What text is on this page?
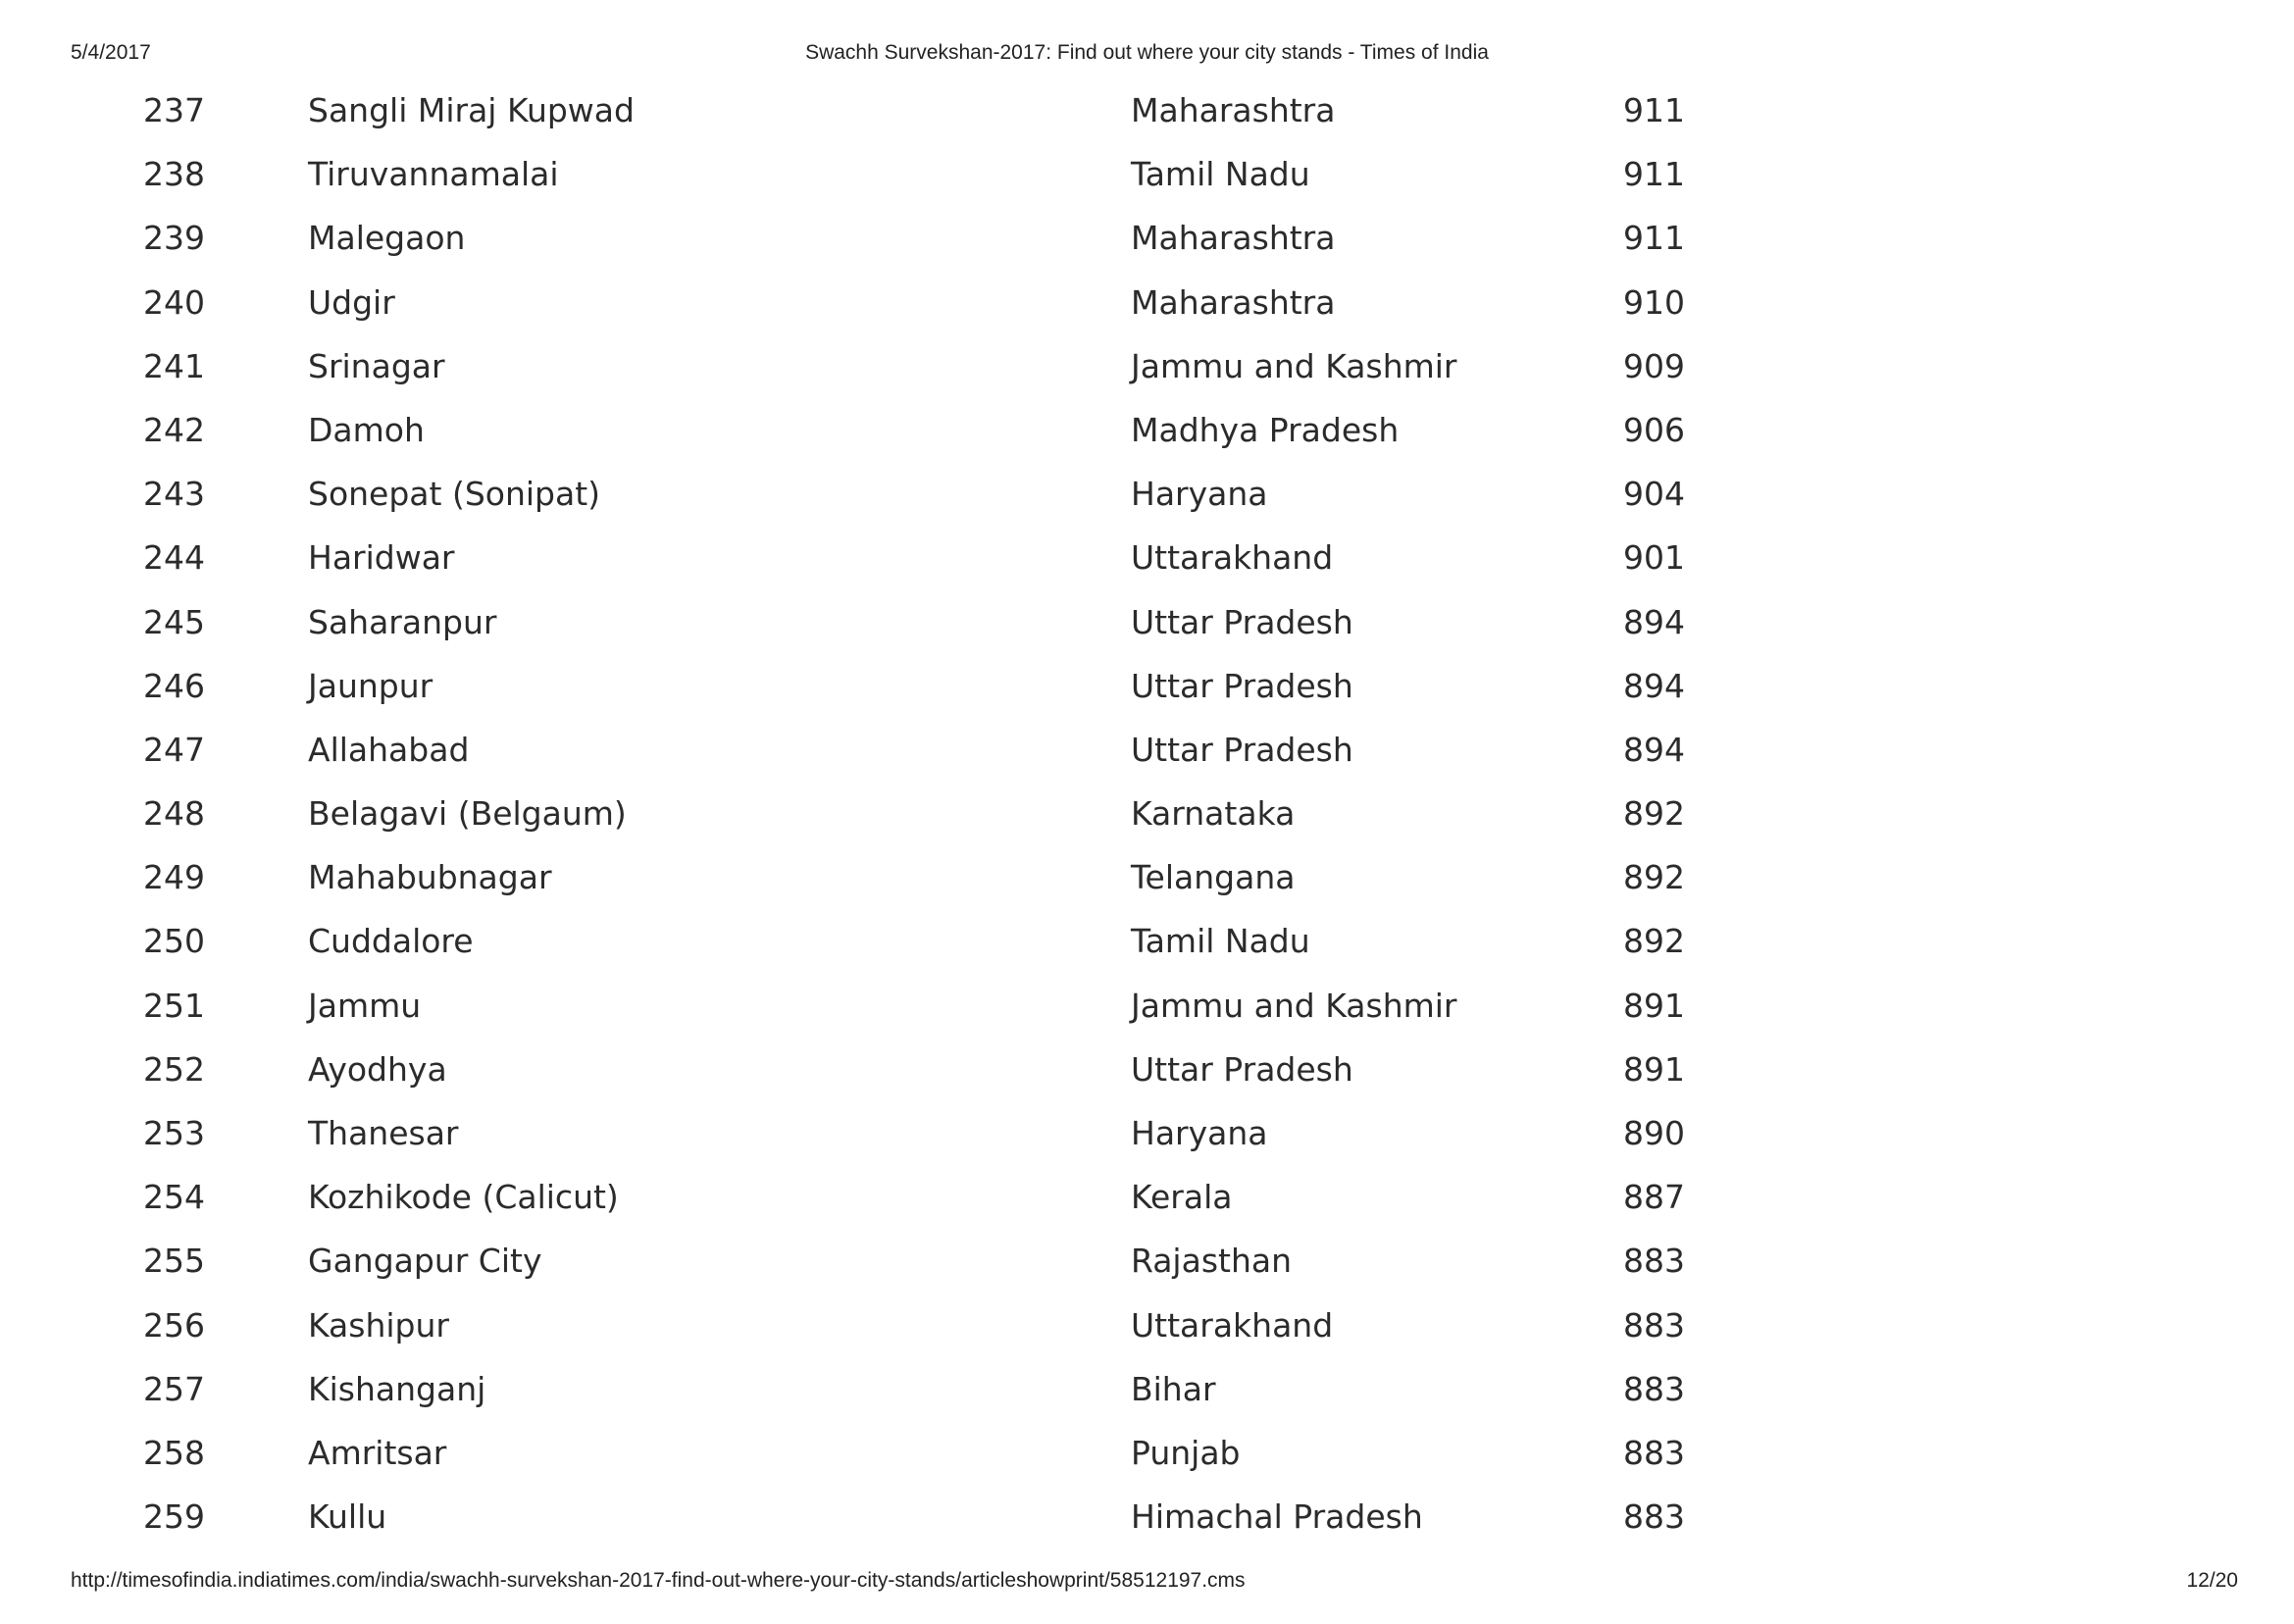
5/4/2017	Swachh Survekshan-2017: Find out where your city stands - Times of India
237	Sangli Miraj Kupwad	Maharashtra	911
238	Tiruvannamalai	Tamil Nadu	911
239	Malegaon	Maharashtra	911
240	Udgir	Maharashtra	910
241	Srinagar	Jammu and Kashmir	909
242	Damoh	Madhya Pradesh	906
243	Sonepat (Sonipat)	Haryana	904
244	Haridwar	Uttarakhand	901
245	Saharanpur	Uttar Pradesh	894
246	Jaunpur	Uttar Pradesh	894
247	Allahabad	Uttar Pradesh	894
248	Belagavi (Belgaum)	Karnataka	892
249	Mahabubnagar	Telangana	892
250	Cuddalore	Tamil Nadu	892
251	Jammu	Jammu and Kashmir	891
252	Ayodhya	Uttar Pradesh	891
253	Thanesar	Haryana	890
254	Kozhikode (Calicut)	Kerala	887
255	Gangapur City	Rajasthan	883
256	Kashipur	Uttarakhand	883
257	Kishanganj	Bihar	883
258	Amritsar	Punjab	883
259	Kullu	Himachal Pradesh	883
http://timesofindia.indiatimes.com/india/swachh-survekshan-2017-find-out-where-your-city-stands/articleshowprint/58512197.cms	12/20
